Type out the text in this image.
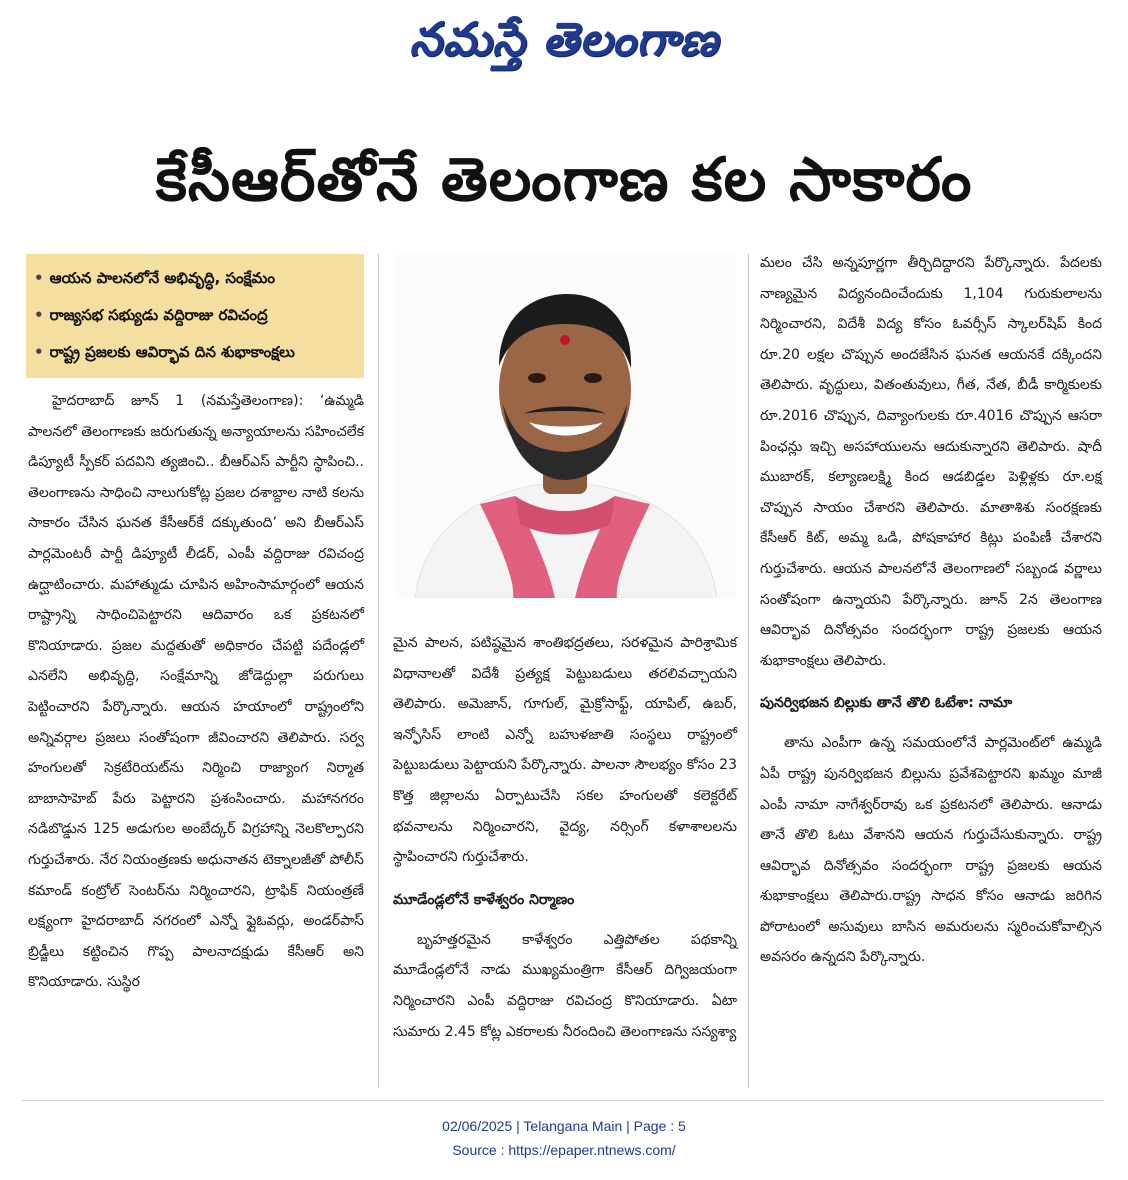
నమస్తే తెలంగాణ
కేసీఆర్‌తోనే తెలంగాణ కల సాకారం
• ఆయన పాలనలోనే అభివృద్ధి, సంక్షేమం
• రాజ్యసభ సభ్యుడు వద్దిరాజు రవిచంద్ర
• రాష్ట్ర ప్రజలకు ఆవిర్భావ దిన శుభాకాంక్షలు

హైదరాబాద్ జూన్ 1 (నమస్తేతెలంగాణ): ‘ఉమ్మడి పాలనలో తెలంగాణకు జరుగుతున్న అన్యాయాలను సహించలేక డిప్యూటీ స్పీకర్ పదవిని త్యజించి.. బీఆర్‌ఎస్ పార్టీని స్థాపించి.. తెలంగాణను సాధించి నాలుగుకోట్ల ప్రజల దశాబ్దాల నాటి కలను సాకారం చేసిన ఘనత కేసీఆర్‌కే దక్కుతుంది’ అని బీఆర్‌ఎస్ పార్లమెంటరీ పార్టీ డిప్యూటీ లీడర్, ఎంపీ వద్దిరాజు రవిచంద్ర ఉద్ఘాటించారు. మహాత్ముడు చూపిన అహింసామార్గంలో ఆయన రాష్ట్రాన్ని సాధించిపెట్టారని ఆదివారం ఒక ప్రకటనలో కొనియాడారు. ప్రజల మద్దతుతో అధికారం చేపట్టి పదేండ్లలో ఎనలేని అభివృద్ధి, సంక్షేమాన్ని జోడెద్దుల్లా పరుగులు పెట్టించారని పేర్కొన్నారు. ఆయన హయాంలో రాష్ట్రంలోని అన్నివర్గాల ప్రజలు సంతోషంగా జీవించారని తెలిపారు. సర్వ హంగులతో సెక్రటేరియట్‌ను నిర్మించి రాజ్యాంగ నిర్మాత బాబాసాహెబ్ పేరు పెట్టారని ప్రశంసించారు. మహానగరం నడిబొడ్డున 125 అడుగుల అంబేద్కర్ విగ్రహాన్ని నెలకొల్పారని గుర్తుచేశారు. నేర నియంత్రణకు అధునాతన టెక్నాలజీతో పోలీస్ కమాండ్ కంట్రోల్ సెంటర్‌ను నిర్మించారని, ట్రాఫిక్ నియంత్రణే లక్ష్యంగా హైదరాబాద్ నగరంలో ఎన్నో ఫ్లైఓవర్లు, అండర్‌పాస్ బ్రిడ్జీలు కట్టించిన గొప్ప పాలనాదక్షుడు కేసీఆర్ అని కొనియాడారు. సుస్థిర

మైన పాలన, పటిష్ఠమైన శాంతిభద్రతలు, సరళమైన పారిశ్రామిక విధానాలతో విదేశీ ప్రత్యక్ష పెట్టుబడులు తరలివచ్చాయని తెలిపారు. అమెజాన్, గూగుల్, మైక్రోసాఫ్ట్, యాపిల్, ఉబర్, ఇన్ఫోసిస్ లాంటి ఎన్నో బహుళజాతి సంస్థలు రాష్ట్రంలో పెట్టుబడులు పెట్టాయని పేర్కొన్నారు. పాలనా సౌలభ్యం కోసం 23 కొత్త జిల్లాలను ఏర్పాటుచేసి సకల హంగులతో కలెక్టరేట్ భవనాలను నిర్మించారని, వైద్య, నర్సింగ్ కళాశాలలను స్థాపించారని గుర్తుచేశారు.

మూడేండ్లలోనే కాళేశ్వరం నిర్మాణం

బృహత్తరమైన కాళేశ్వరం ఎత్తిపోతల పథకాన్ని మూడేండ్లలోనే నాడు ముఖ్యమంత్రిగా కేసీఆర్ దిగ్విజయంగా నిర్మించారని ఎంపీ వద్దిరాజు రవిచంద్ర కొనియాడారు. ఏటా సుమారు 2.45 కోట్ల ఎకరాలకు నీరందించి తెలంగాణను సస్యశ్యా

మలం చేసి అన్నపూర్ణగా తీర్చిదిద్దారని పేర్కొన్నారు. పేదలకు నాణ్యమైన విద్యనందించేందుకు 1,104 గురుకులాలను నిర్మించారని, విదేశీ విద్య కోసం ఓవర్సీస్ స్కాలర్‌షిప్ కింద రూ.20 లక్షల చొప్పున అందజేసిన ఘనత ఆయనకే దక్కిందని తెలిపారు. వృద్ధులు, వితంతువులు, గీత, నేత, బీడీ కార్మికులకు రూ.2016 చొప్పున, దివ్యాంగులకు రూ.4016 చొప్పున ఆసరా పింఛన్లు ఇచ్చి అసహాయులను ఆదుకున్నారని తెలిపారు. షాదీ ముబారక్, కల్యాణలక్ష్మి కింద ఆడబిడ్డల పెళ్లిళ్లకు రూ.లక్ష చొప్పున సాయం చేశారని తెలిపారు. మాతాశిశు సంరక్షణకు కేసీఆర్ కిట్, అమ్మ ఒడి, పోషకాహార కిట్లు పంపిణీ చేశారని గుర్తుచేశారు. ఆయన పాలనలోనే తెలంగాణలో సబ్బండ వర్ణాలు సంతోషంగా ఉన్నాయని పేర్కొన్నారు. జూన్ 2న తెలంగాణ ఆవిర్భావ దినోత్సవం సందర్భంగా రాష్ట్ర ప్రజలకు ఆయన శుభాకాంక్షలు తెలిపారు.

పునర్విభజన బిల్లుకు తానే తొలి ఓటేశా: నామా

తాను ఎంపీగా ఉన్న సమయంలోనే పార్లమెంట్‌లో ఉమ్మడి ఏపీ రాష్ట్ర పునర్విభజన బిల్లును ప్రవేశపెట్టారని ఖమ్మం మాజీ ఎంపీ నామా నాగేశ్వర్‌రావు ఒక ప్రకటనలో తెలిపారు. ఆనాడు తానే తొలి ఓటు వేశానని ఆయన గుర్తుచేసుకున్నారు. రాష్ట్ర ఆవిర్భావ దినోత్సవం సందర్భంగా రాష్ట్ర ప్రజలకు ఆయన శుభాకాంక్షలు తెలిపారు.రాష్ట్ర సాధన కోసం ఆనాడు జరిగిన పోరాటంలో అసువులు బాసిన అమరులను స్మరించుకోవాల్సిన అవసరం ఉన్నదని పేర్కొన్నారు.

02/06/2025 | Telangana Main | Page : 5
Source : https://epaper.ntnews.com/
